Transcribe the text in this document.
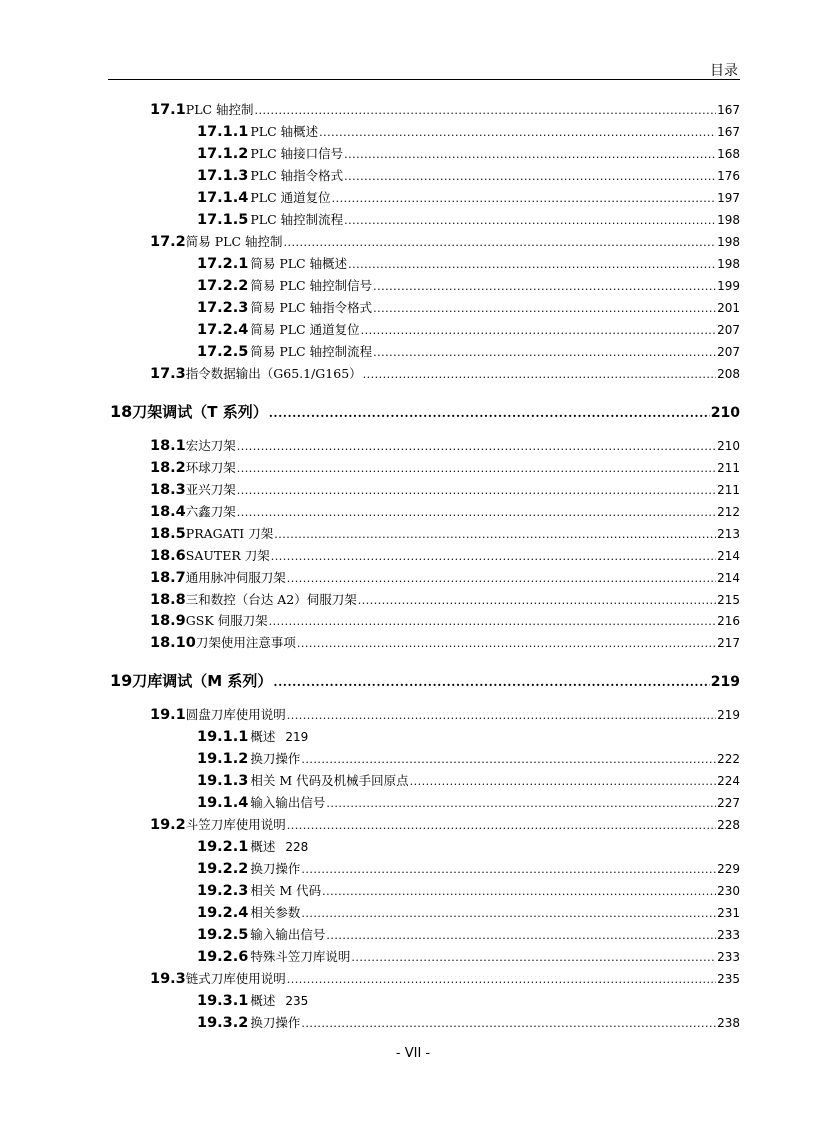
目录
17.1 PLC 轴控制 .....	167
17.1.1 PLC 轴概述 .....	167
17.1.2 PLC 轴接口信号 .....	168
17.1.3 PLC 轴指令格式 .....	176
17.1.4 PLC 通道复位 .....	197
17.1.5 PLC 轴控制流程 .....	198
17.2 简易 PLC 轴控制 .....	198
17.2.1 简易 PLC 轴概述 .....	198
17.2.2 简易 PLC 轴控制信号 .....	199
17.2.3 简易 PLC 轴指令格式 .....	201
17.2.4 简易 PLC 通道复位 .....	207
17.2.5 简易 PLC 轴控制流程 .....	207
17.3 指令数据输出（G65.1/G165） .....	208
18 刀架调试（T 系列） .....	210
18.1 宏达刀架 .....	210
18.2 环球刀架 .....	211
18.3 亚兴刀架 .....	211
18.4 六鑫刀架 .....	212
18.5 PRAGATI 刀架 .....	213
18.6 SAUTER 刀架 .....	214
18.7 通用脉冲伺服刀架 .....	214
18.8 三和数控（台达 A2）伺服刀架 .....	215
18.9 GSK 伺服刀架 .....	216
18.10 刀架使用注意事项 .....	217
19 刀库调试（M 系列） .....	219
19.1 圆盘刀库使用说明 .....	219
19.1.1 概述 219
19.1.2 换刀操作 .....	222
19.1.3 相关 M 代码及机械手回原点 .....	224
19.1.4 输入输出信号 .....	227
19.2 斗笠刀库使用说明 .....	228
19.2.1 概述 228
19.2.2 换刀操作 .....	229
19.2.3 相关 M 代码 .....	230
19.2.4 相关参数 .....	231
19.2.5 输入输出信号 .....	233
19.2.6 特殊斗笠刀库说明 .....	233
19.3 链式刀库使用说明 .....	235
19.3.1 概述 235
19.3.2 换刀操作 .....	238
- VII -
